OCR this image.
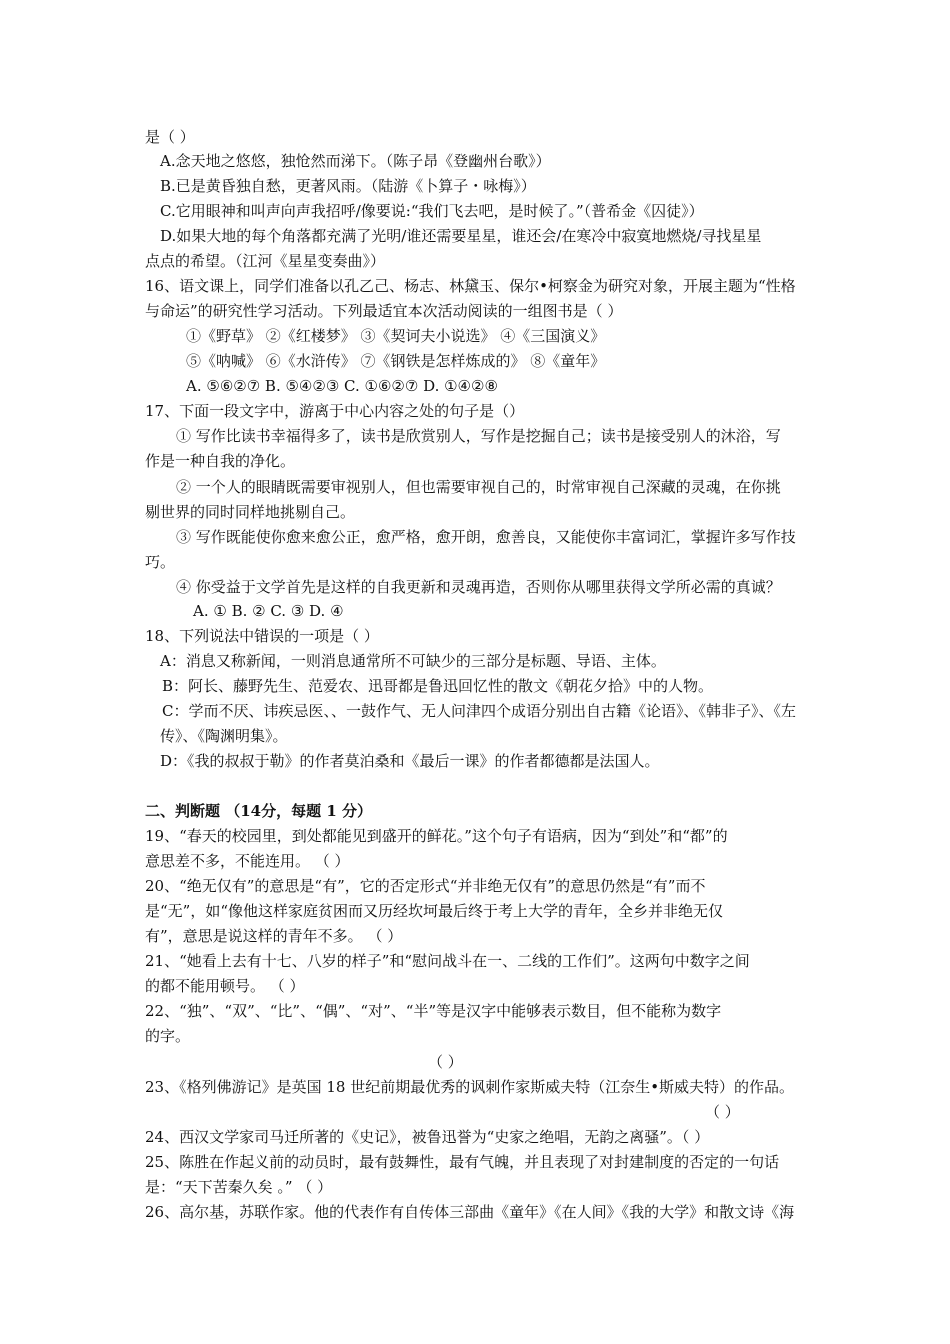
是（ ）
A.念天地之悠悠，独怆然而涕下。（陈子昂《登幽州台歌》）
B.已是黄昏独自愁，更著风雨。（陆游《卜算子・咏梅》）
C.它用眼神和叫声向声我招呼/像要说:“我们飞去吧，是时候了。”（普希金《囚徒》）
D.如果大地的每个角落都充满了光明/谁还需要星星，谁还会/在寒冷中寂寞地燃烧/寻找星星
点点的希望。（江河《星星变奏曲》）
16、语文课上，同学们准备以孔乙己、杨志、林黛玉、保尔•柯察金为研究对象，开展主题为“性格
与命运”的研究性学习活动。下列最适宜本次活动阅读的一组图书是（ ）
①《野草》 ②《红楼梦》 ③《契诃夫小说选》 ④《三国演义》
⑤《呐喊》 ⑥《水浒传》 ⑦《钢铁是怎样炼成的》 ⑧《童年》
A. ⑤⑥②⑦ B. ⑤④②③ C. ①⑥②⑦ D. ①④②⑧
17、下面一段文字中，游离于中心内容之处的句子是（）
① 写作比读书幸福得多了，读书是欣赏别人，写作是挖掘自己；读书是接受别人的沐浴，写
作是一种自我的净化。
② 一个人的眼睛既需要审视别人，但也需要审视自己的，时常审视自己深藏的灵魂，在你挑
剔世界的同时同样地挑剔自己。
③ 写作既能使你愈来愈公正，愈严格，愈开朗，愈善良，又能使你丰富词汇，掌握许多写作技
巧。
④ 你受益于文学首先是这样的自我更新和灵魂再造，否则你从哪里获得文学所必需的真诚？
A. ① B. ② C. ③ D. ④
18、下列说法中错误的一项是（ ）
A：消息又称新闻，一则消息通常所不可缺少的三部分是标题、导语、主体。
B：阿长、藤野先生、范爱农、迅哥都是鲁迅回忆性的散文《朝花夕拾》中的人物。
C：学而不厌、讳疾忌医、、一鼓作气、无人问津四个成语分别出自古籍《论语》、《韩非子》、《左
传》、《陶渊明集》。
D：《我的叔叔于勒》的作者莫泊桑和《最后一课》的作者都德都是法国人。
二、判断题 （14分，每题 1 分）
19、“春天的校园里，到处都能见到盛开的鲜花。”这个句子有语病，因为“到处”和“都”的
意思差不多，不能连用。 （ ）
20、“绝无仅有”的意思是“有”，它的否定形式“并非绝无仅有”的意思仍然是“有”而不
是“无”，如“像他这样家庭贫困而又历经坎坷最后终于考上大学的青年，全乡并非绝无仅
有”，意思是说这样的青年不多。 （ ）
21、“她看上去有十七、八岁的样子”和“慰问战斗在一、二线的工作们”。这两句中数字之间
的都不能用顿号。 （ ）
22、“独”、“双”、“比”、“偶”、“对”、“半”等是汉字中能够表示数目，但不能称为数字
的字。
（ ）
23、《格列佛游记》是英国 18 世纪前期最优秀的讽刺作家斯威夫特（江奈生•斯威夫特）的作品。
（ ）
24、西汉文学家司马迁所著的《史记》，被鲁迅誉为“史家之绝唱，无韵之离骚”。（ ）
25、陈胜在作起义前的动员时，最有鼓舞性，最有气魄，并且表现了对封建制度的否定的一句话
是：“天下苦秦久矣 。” （ ）
26、高尔基，苏联作家。他的代表作有自传体三部曲《童年》《在人间》《我的大学》和散文诗《海
